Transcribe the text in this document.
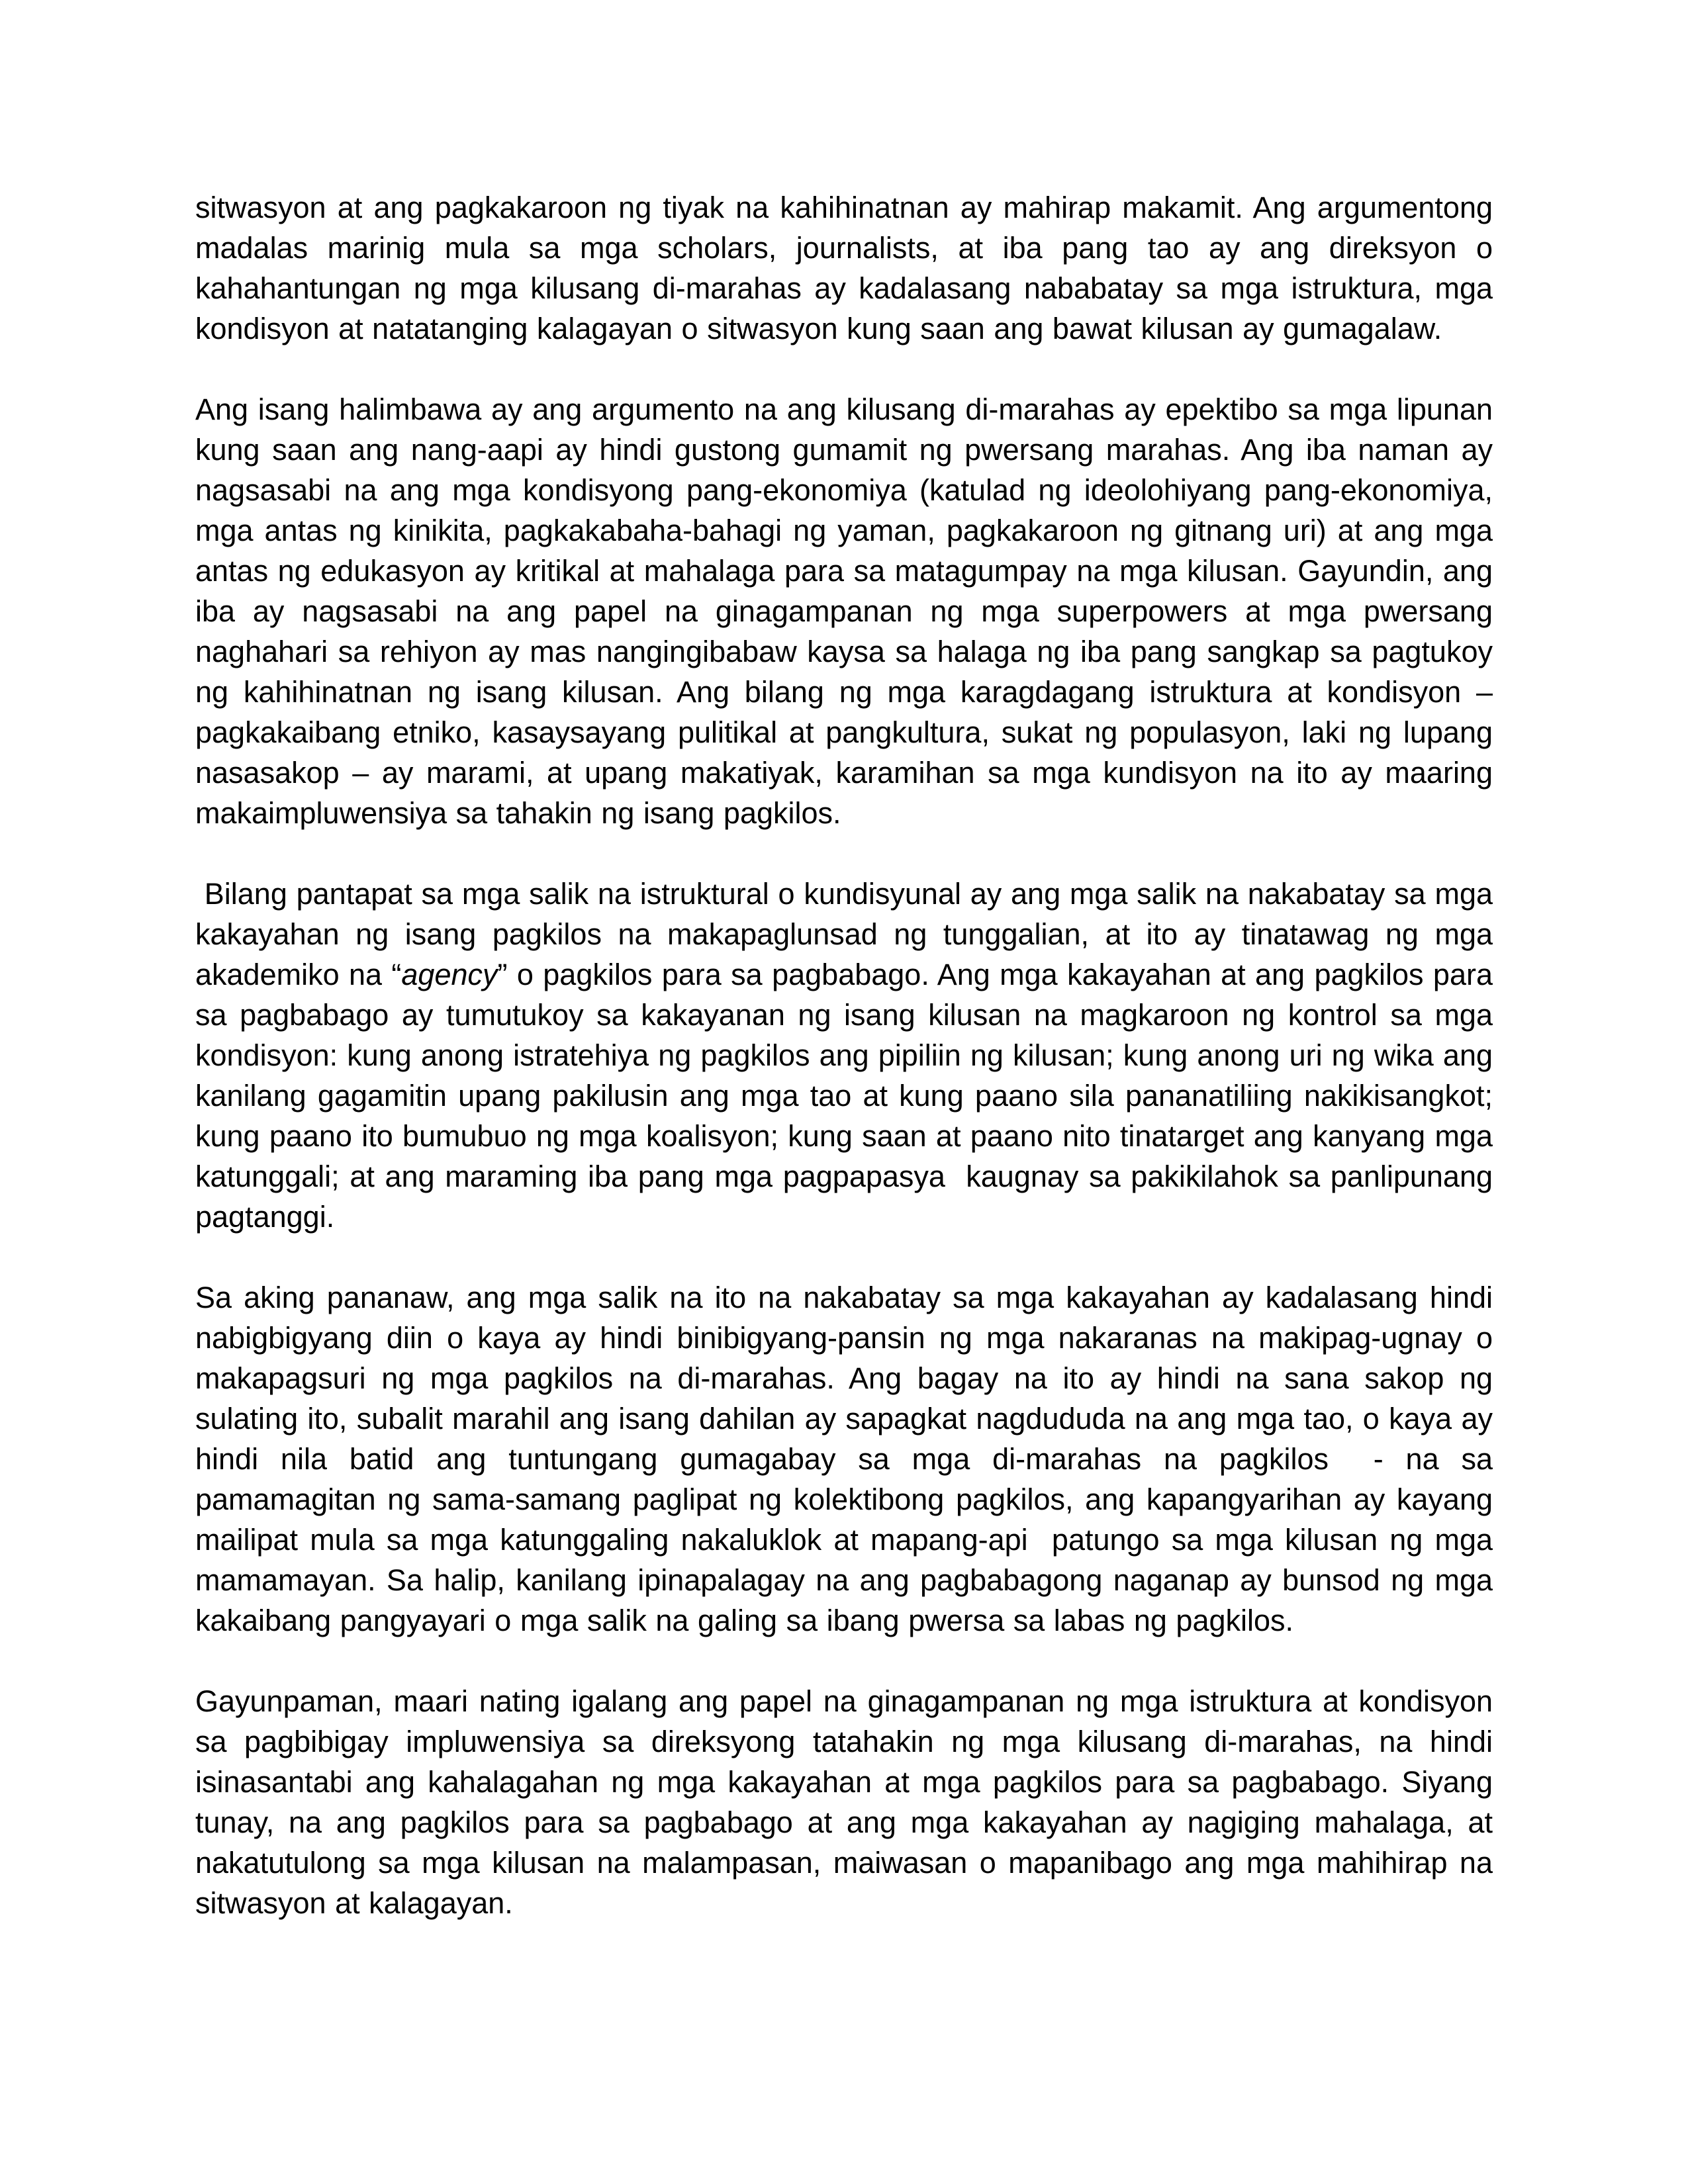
sitwasyon at ang pagkakaroon ng tiyak na kahihinatnan ay mahirap makamit. Ang argumentong madalas marinig mula sa mga scholars, journalists, at iba pang tao ay ang direksyon o kahahantungan ng mga kilusang di-marahas ay kadalasang nababatay sa mga istruktura, mga kondisyon at natatanging kalagayan o sitwasyon kung saan ang bawat kilusan ay gumagalaw.

Ang isang halimbawa ay ang argumento na ang kilusang di-marahas ay epektibo sa mga lipunan kung saan ang nang-aapi ay hindi gustong gumamit ng pwersang marahas. Ang iba naman ay nagsasabi na ang mga kondisyong pang-ekonomiya (katulad ng ideolohiyang pang-ekonomiya, mga antas ng kinikita, pagkakabaha-bahagi ng yaman, pagkakaroon ng gitnang uri) at ang mga antas ng edukasyon ay kritikal at mahalaga para sa matagumpay na mga kilusan. Gayundin, ang iba ay nagsasabi na ang papel na ginagampanan ng mga superpowers at mga pwersang naghahari sa rehiyon ay mas nangingibabaw kaysa sa halaga ng iba pang sangkap sa pagtukoy ng kahihinatnan ng isang kilusan. Ang bilang ng mga karagdagang istruktura at kondisyon – pagkakaibang etniko, kasaysayang pulitikal at pangkultura, sukat ng populasyon, laki ng lupang nasasakop – ay marami, at upang makatiyak, karamihan sa mga kundisyon na ito ay maaring makaimpluwensiya sa tahakin ng isang pagkilos.

Bilang pantapat sa mga salik na istruktural o kundisyunal ay ang mga salik na nakabatay sa mga kakayahan ng isang pagkilos na makapaglunsad ng tunggalian, at ito ay tinatawag ng mga akademiko na “agency” o pagkilos para sa pagbabago. Ang mga kakayahan at ang pagkilos para sa pagbabago ay tumutukoy sa kakayanan ng isang kilusan na magkaroon ng kontrol sa mga kondisyon: kung anong istratehiya ng pagkilos ang pipiliin ng kilusan; kung anong uri ng wika ang kanilang gagamitin upang pakilusin ang mga tao at kung paano sila pananatiliing nakikisangkot; kung paano ito bumubuo ng mga koalisyon; kung saan at paano nito tinatarget ang kanyang mga katunggali; at ang maraming iba pang mga pagpapasya  kaugnay sa pakikilahok sa panlipunang pagtanggi.

Sa aking pananaw, ang mga salik na ito na nakabatay sa mga kakayahan ay kadalasang hindi nabigbigyang diin o kaya ay hindi binibigyang-pansin ng mga nakaranas na makipag-ugnay o makapagsuri ng mga pagkilos na di-marahas. Ang bagay na ito ay hindi na sana sakop ng sulating ito, subalit marahil ang isang dahilan ay sapagkat nagdududa na ang mga tao, o kaya ay hindi nila batid ang tuntungang gumagabay sa mga di-marahas na pagkilos  - na sa pamamagitan ng sama-samang paglipat ng kolektibong pagkilos, ang kapangyarihan ay kayang mailipat mula sa mga katunggaling nakaluklok at mapang-api  patungo sa mga kilusan ng mga mamamayan. Sa halip, kanilang ipinapalagay na ang pagbabagong naganap ay bunsod ng mga kakaibang pangyayari o mga salik na galing sa ibang pwersa sa labas ng pagkilos.

Gayunpaman, maari nating igalang ang papel na ginagampanan ng mga istruktura at kondisyon sa pagbibigay impluwensiya sa direksyong tatahakin ng mga kilusang di-marahas, na hindi isinasantabi ang kahalagahan ng mga kakayahan at mga pagkilos para sa pagbabago. Siyang tunay, na ang pagkilos para sa pagbabago at ang mga kakayahan ay nagiging mahalaga, at nakatutulong sa mga kilusan na malampasan, maiwasan o mapanibago ang mga mahihirap na sitwasyon at kalagayan.
